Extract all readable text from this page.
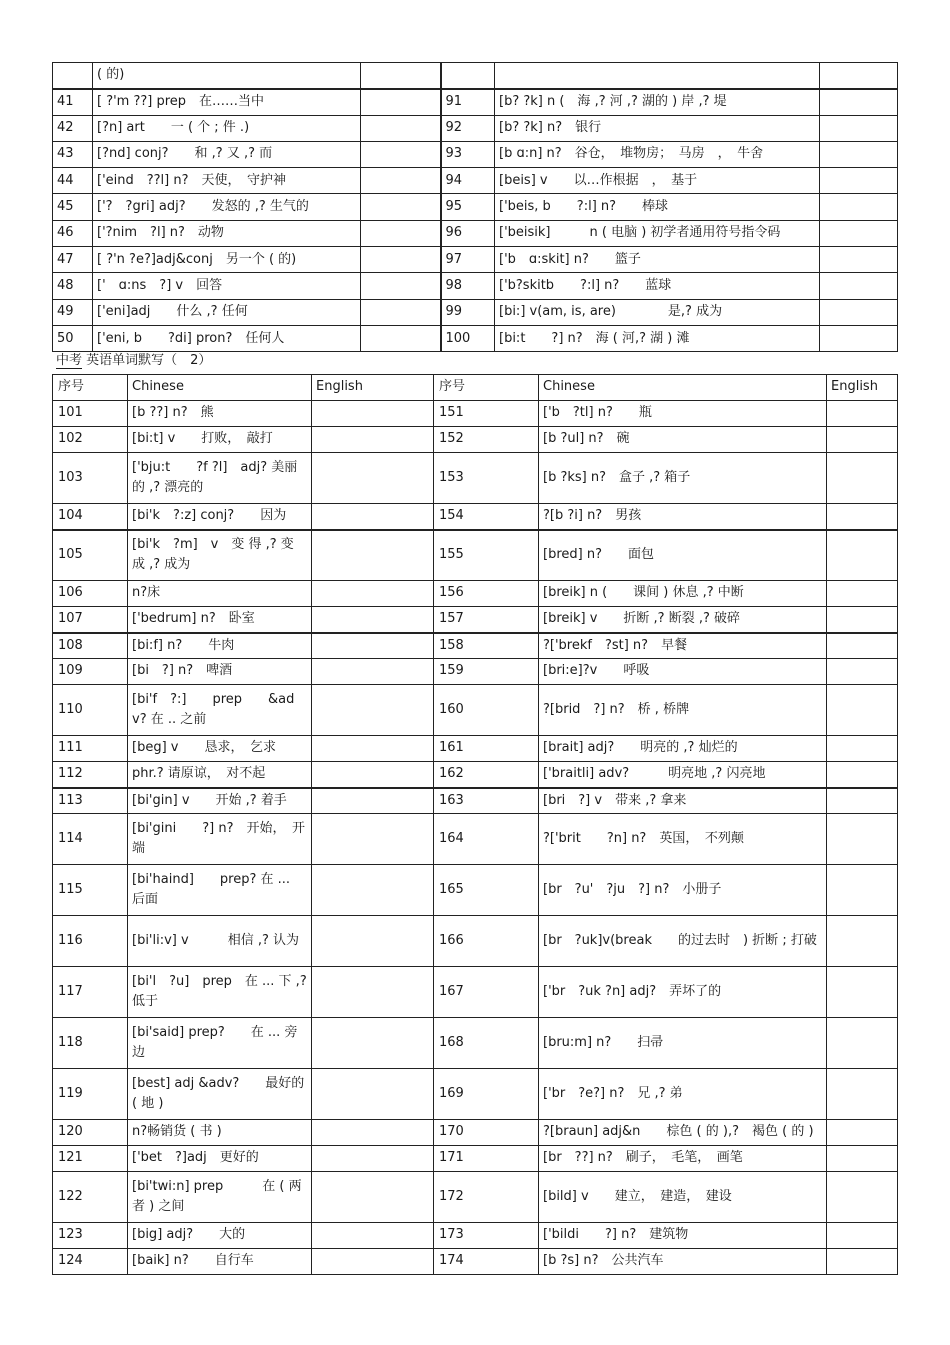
	( 的)				
41	[ ?'m ??] prep　在……当中		91	[b? ?k] n (　海 ,? 河 ,? 湖的 ) 岸 ,? 堤	
42	[?n] art　　一 ( 个 ; 件 .)		92	[b? ?k] n?　银行	
43	[?nd] conj?　　和 ,? 又 ,? 而		93	[b ɑ:n] n?　谷仓，　堆物房；　马房　，　牛舍	
44	['eind　??l] n?　天使，　守护神		94	[beis] v　　以…作根据　，　基于	
45	['?　?gri] adj?　　发怒的 ,? 生气的		95	['beis, b　　?:l] n?　　棒球	
46	['?nim　?l] n?　动物		96	['beisik]　　　n ( 电脑 ) 初学者通用符号指令码	
47	[ ?'n ?e?]adj&conj　另一个 ( 的)		97	['b　ɑ:skit] n?　　篮子	
48	['　ɑ:ns　?] v　回答		98	['b?skitb　　?:l] n?　　蓝球	
49	['eni]adj　　什么 ,? 任何		99	[bi:] v(am, is, are)　　　　是,? 成为	
50	['eni, b　　?di] pron?　任何人		100	[bi:t　　?] n?　海 ( 河,? 湖 ) 滩	
中考 英语单词默写（　2）
序号	Chinese	English	序号	Chinese	English
101	[b ??] n?　熊		151	['b　?tl] n?　　瓶	
102	[bi:t] v　　打败，　敲打		152	[b ?ul] n?　碗	
103	['bju:t　　?f ?l]　adj? 美丽的 ,? 漂亮的		153	[b ?ks] n?　盒子 ,? 箱子	
104	[bi'k　?:z] conj?　　因为		154	?[b ?i] n?　男孩	
105	[bi'k　?m]　v　变 得 ,? 变 成 ,? 成为		155	[bred] n?　　面包	
106	n?床		156	[breik] n (　　课间 ) 休息 ,? 中断	
107	['bedrum] n?　卧室		157	[breik] v　　折断 ,? 断裂 ,? 破碎	
108	[bi:f] n?　　牛肉		158	?['brekf　?st] n?　早餐	
109	[bi　?] n?　啤酒		159	[bri:e]?v　　呼吸	
110	[bi'f　?:]　　prep　　&adv? 在 .. 之前		160	?[brid　?] n?　桥 , 桥牌	
111	[beg] v　　恳求，　乞求		161	[brait] adj?　　明亮的 ,? 灿烂的	
112	phr.? 请原谅，　对不起		162	['braitli] adv?　　　明亮地 ,? 闪亮地	
113	[bi'gin] v　　开始 ,? 着手		163	[bri　?] v　带来 ,? 拿来	
114	[bi'gini　　?] n?　开始，　开端		164	?['brit　　?n] n?　英国，　不列颠	
115	[bi'haind]　　prep? 在 ... 后面		165	[br　?u'　?ju　?] n?　小册子	
116	[bi'li:v] v　　　相信 ,? 认为		166	[br　?uk]v(break　　的过去时　) 折断 ; 打破	
117	[bi'l　?u]　prep　在 ... 下 ,? 低于		167	['br　?uk ?n] adj?　弄坏了的	
118	[bi'said] prep?　　在 ... 旁边		168	[bru:m] n?　　扫帚	
119	[best] adj &adv?　　最好的 ( 地 )		169	['br　?e?] n?　兄 ,? 弟	
120	n?畅销货 ( 书 )		170	?[braun] adj&n　　棕色 ( 的 ),?　褐色 ( 的 )	
121	['bet　?]adj　更好的		171	[br　??] n?　刷子，　毛笔，　画笔	
122	[bi'twi:n] prep　　　在 ( 两者 ) 之间		172	[bild] v　　建立，　建造，　建设	
123	[big] adj?　　大的		173	['bildi　　?] n?　建筑物	
124	[baik] n?　　自行车		174	[b ?s] n?　公共汽车	
